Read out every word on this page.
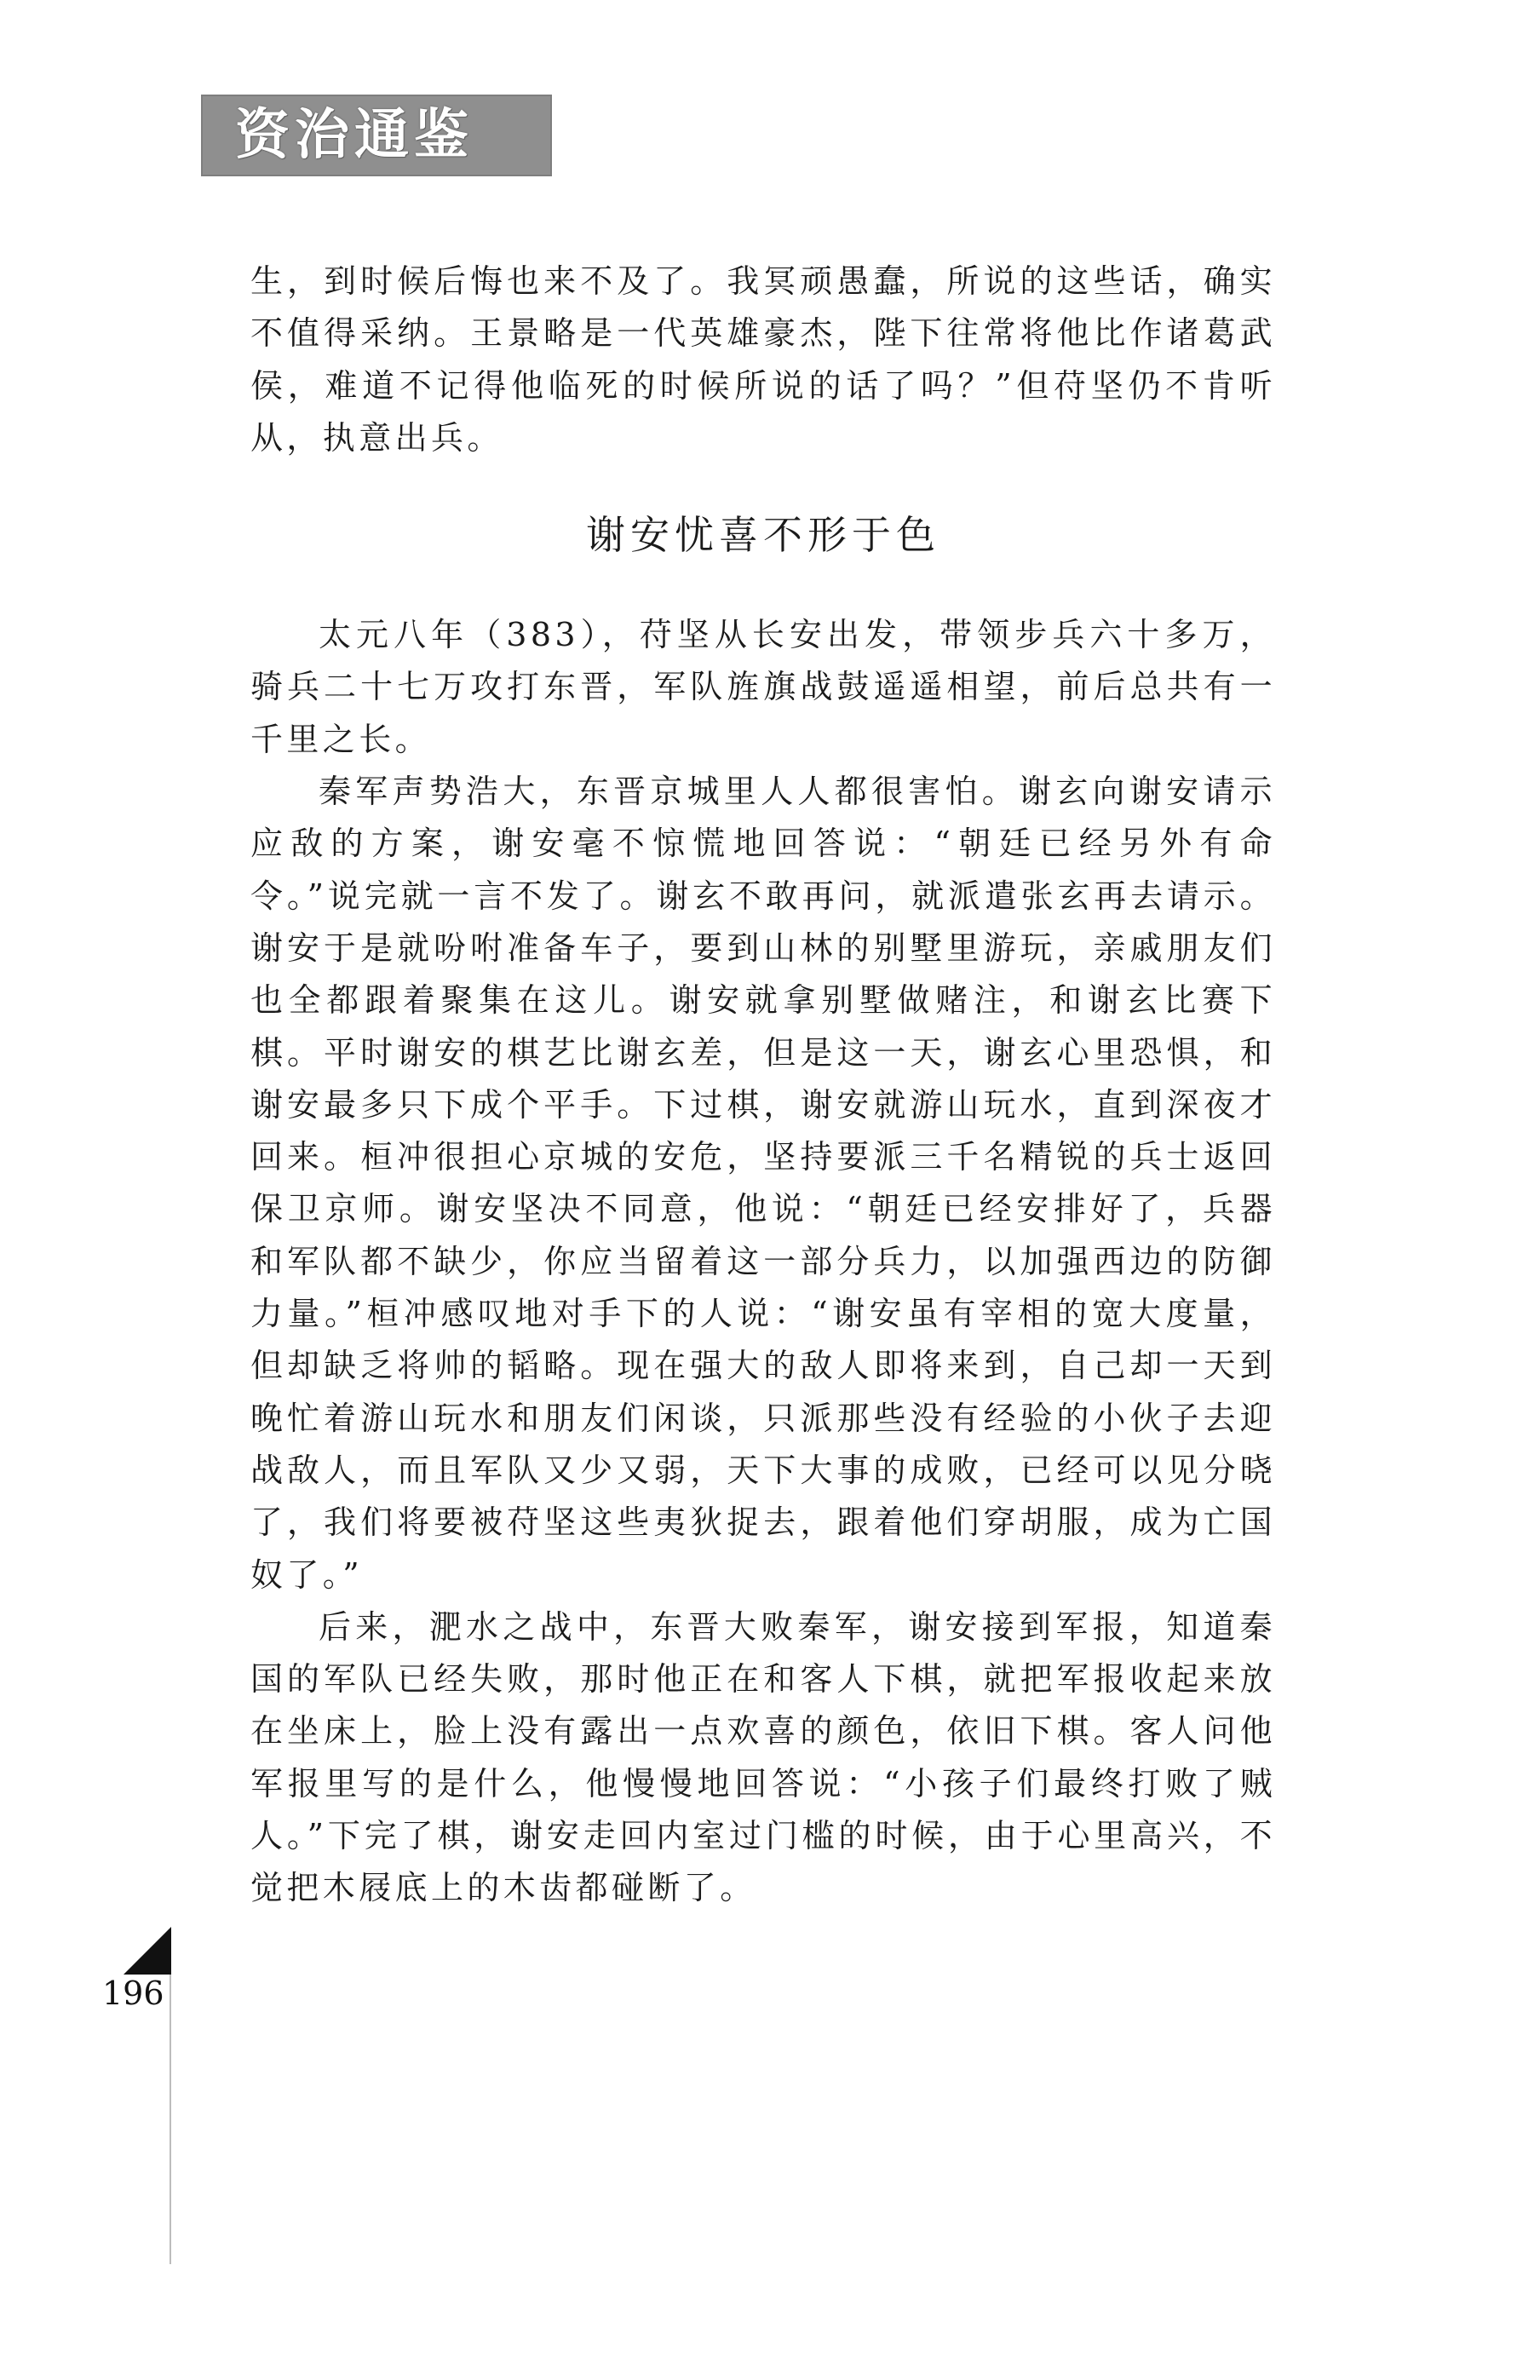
资治通鉴

生，到时候后悔也来不及了。我冥顽愚蠢，所说的这些话，确实不值得采纳。王景略是一代英雄豪杰，陛下往常将他比作诸葛武侯，难道不记得他临死的时候所说的话了吗？”但苻坚仍不肯听从，执意出兵。

谢安忧喜不形于色

太元八年（383），苻坚从长安出发，带领步兵六十多万，骑兵二十七万攻打东晋，军队旌旗战鼓遥遥相望，前后总共有一千里之长。

秦军声势浩大，东晋京城里人人都很害怕。谢玄向谢安请示应敌的方案，谢安毫不惊慌地回答说：“朝廷已经另外有命令。”说完就一言不发了。谢玄不敢再问，就派遣张玄再去请示。谢安于是就吩咐准备车子，要到山林的别墅里游玩，亲戚朋友们也全都跟着聚集在这儿。谢安就拿别墅做赌注，和谢玄比赛下棋。平时谢安的棋艺比谢玄差，但是这一天，谢玄心里恐惧，和谢安最多只下成个平手。下过棋，谢安就游山玩水，直到深夜才回来。桓冲很担心京城的安危，坚持要派三千名精锐的兵士返回保卫京师。谢安坚决不同意，他说：“朝廷已经安排好了，兵器和军队都不缺少，你应当留着这一部分兵力，以加强西边的防御力量。”桓冲感叹地对手下的人说：“谢安虽有宰相的宽大度量，但却缺乏将帅的韬略。现在强大的敌人即将来到，自己却一天到晚忙着游山玩水和朋友们闲谈，只派那些没有经验的小伙子去迎战敌人，而且军队又少又弱，天下大事的成败，已经可以见分晓了，我们将要被苻坚这些夷狄捉去，跟着他们穿胡服，成为亡国奴了。”

后来，淝水之战中，东晋大败秦军，谢安接到军报，知道秦国的军队已经失败，那时他正在和客人下棋，就把军报收起来放在坐床上，脸上没有露出一点欢喜的颜色，依旧下棋。客人问他军报里写的是什么，他慢慢地回答说：“小孩子们最终打败了贼人。”下完了棋，谢安走回内室过门槛的时候，由于心里高兴，不觉把木屐底上的木齿都碰断了。

196
